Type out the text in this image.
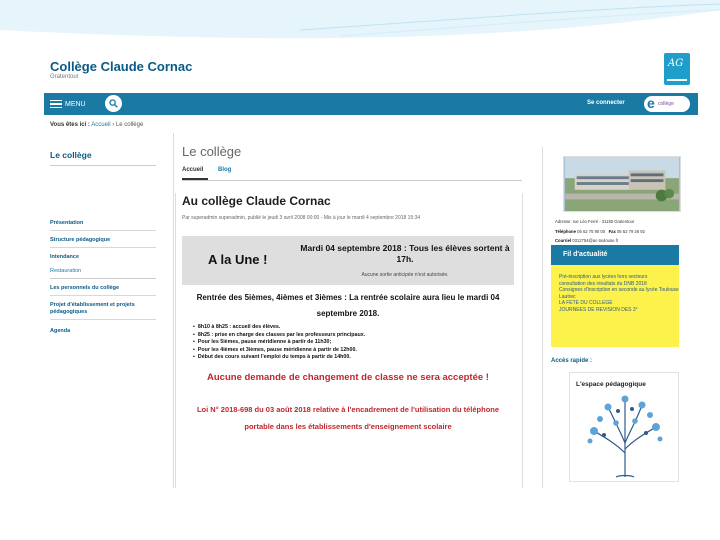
Collège Claude Cornac
Gratentour
AG
MENU	Se connecter e collège
Vous êtes ici : Accueil › Le collège
Le collège
Présentation
Structure pédagogique
Intendance
Restauration
Les personnels du collège
Projet d'établissement et projets pédagogiques
Agenda
Le collège
Accueil Blog
Au collège Claude Cornac
Par superadmin superadmin, publié le jeudi 3 avril 2008 00:00 - Mis à jour le mardi 4 septembre 2018 15:34
A la Une !
Mardi 04 septembre 2018 : Tous les élèves sortent à 17h.
Aucune sortie anticipée n'est autorisée.
Rentrée des 5ièmes, 4ièmes et 3ièmes : La rentrée scolaire aura lieu le mardi 04 septembre 2018.
▪ 8h10 à 8h25 : accueil des élèves.
▪ 8h25 : prise en charge des classes par les professeurs principaux.
▪ Pour les 5ièmes, pause méridienne à partir de 11h30;
▪ Pour les 4ièmes et 3ièmes, pause méridienne à partir de 12h00.
▪ Début des cours suivant l'emploi du temps à partir de 14h00.
Aucune demande de changement de classe ne sera acceptée !
Loi N° 2018-698 du 03 août 2018 relative à l'encadrement de l'utilisation du téléphone portable dans les établissements d'enseignement scolaire
Adresse: rue Léo Ferré - 31150 Gratentour
Téléphone 05 62 75 90 00 Fax 05 62 79 26 92
Courriel 0312754@ac-toulouse.fr
Fil d'actualité
Pré-inscription aux lycées hors secteurs
consultation des résultats du DNB 2018
Consignes d'inscription en seconde au lycée Toulouse Lautrec
LA FETE DU COLLEGE
JOURNEES DE REVISION DES 3°
Accès rapide :
L'espace pédagogique
